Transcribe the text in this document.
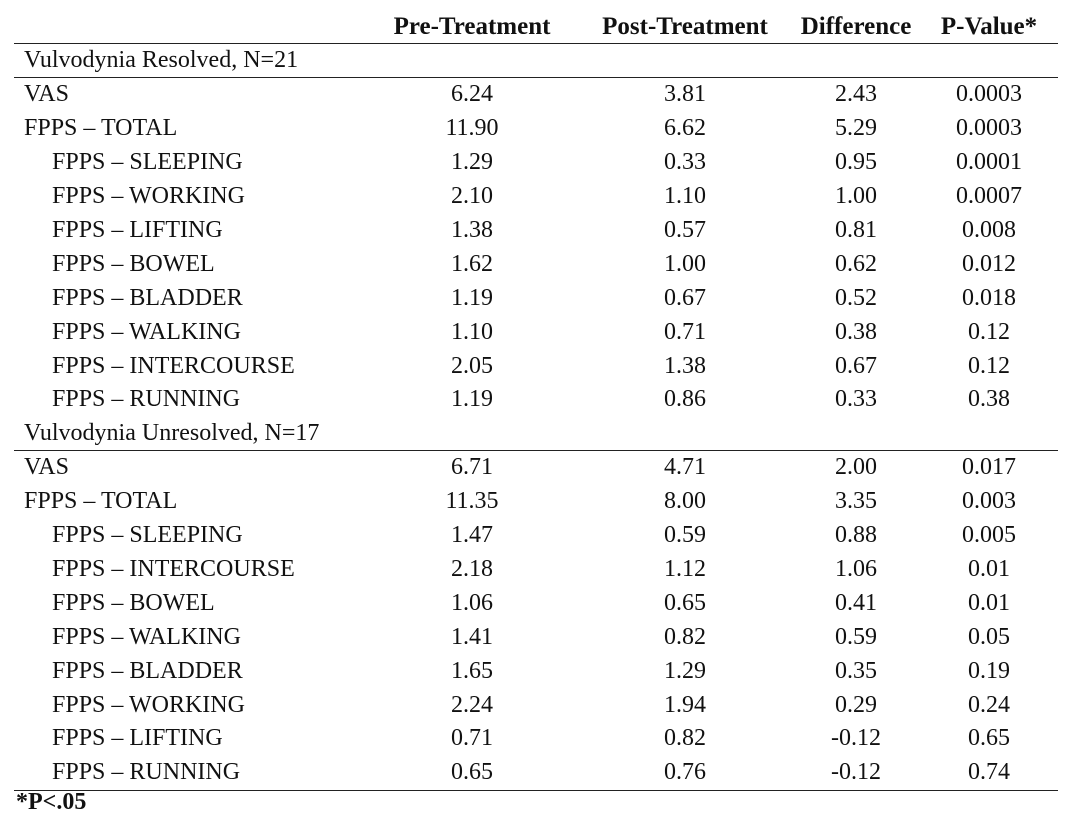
	Pre-Treatment	Post-Treatment	Difference	P-Value*
Vulvodynia Resolved, N=21				
VAS	6.24	3.81	2.43	0.0003
FPPS – TOTAL	11.90	6.62	5.29	0.0003
FPPS – SLEEPING	1.29	0.33	0.95	0.0001
FPPS – WORKING	2.10	1.10	1.00	0.0007
FPPS – LIFTING	1.38	0.57	0.81	0.008
FPPS – BOWEL	1.62	1.00	0.62	0.012
FPPS – BLADDER	1.19	0.67	0.52	0.018
FPPS – WALKING	1.10	0.71	0.38	0.12
FPPS – INTERCOURSE	2.05	1.38	0.67	0.12
FPPS – RUNNING	1.19	0.86	0.33	0.38
Vulvodynia Unresolved, N=17				
VAS	6.71	4.71	2.00	0.017
FPPS – TOTAL	11.35	8.00	3.35	0.003
FPPS – SLEEPING	1.47	0.59	0.88	0.005
FPPS – INTERCOURSE	2.18	1.12	1.06	0.01
FPPS – BOWEL	1.06	0.65	0.41	0.01
FPPS – WALKING	1.41	0.82	0.59	0.05
FPPS – BLADDER	1.65	1.29	0.35	0.19
FPPS – WORKING	2.24	1.94	0.29	0.24
FPPS – LIFTING	0.71	0.82	-0.12	0.65
FPPS – RUNNING	0.65	0.76	-0.12	0.74
*P<.05
